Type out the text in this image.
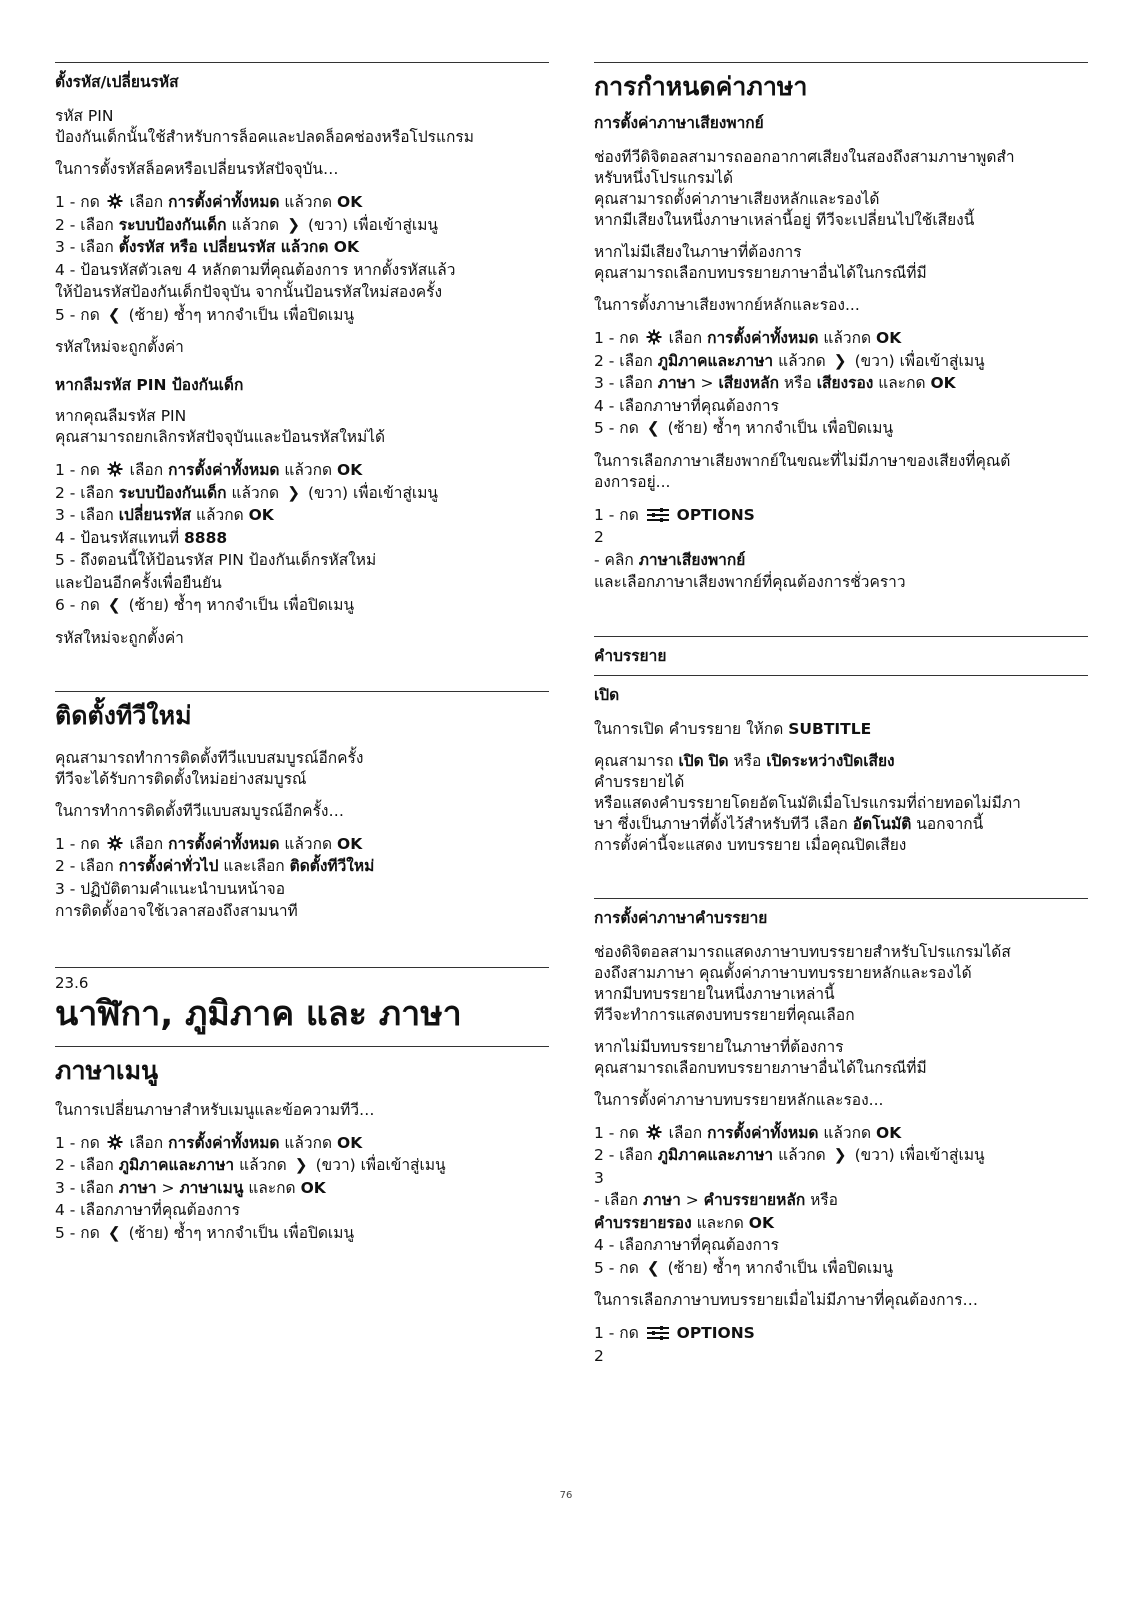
ตั้งรหัส/เปลี่ยนรหัส
รหัส PIN
ป้องกันเด็กนั้นใช้สำหรับการล็อคและปลดล็อคช่องหรือโปรแกรม
ในการตั้งรหัสล็อคหรือเปลี่ยนรหัสปัจจุบัน…
1 - กด เลือก การตั้งค่าทั้งหมด แล้วกด OK
2 - เลือก ระบบป้องกันเด็ก แล้วกด ❯ (ขวา) เพื่อเข้าสู่เมนู
3 - เลือก ตั้งรหัส หรือ เปลี่ยนรหัส แล้วกด OK
4 - ป้อนรหัสตัวเลข 4 หลักตามที่คุณต้องการ หากตั้งรหัสแล้ว
ให้ป้อนรหัสป้องกันเด็กปัจจุบัน จากนั้นป้อนรหัสใหม่สองครั้ง
5 - กด ❮ (ซ้าย) ซ้ำๆ หากจำเป็น เพื่อปิดเมนู
รหัสใหม่จะถูกตั้งค่า
หากลืมรหัส PIN ป้องกันเด็ก
หากคุณลืมรหัส PIN
คุณสามารถยกเลิกรหัสปัจจุบันและป้อนรหัสใหม่ได้
1 - กด เลือก การตั้งค่าทั้งหมด แล้วกด OK
2 - เลือก ระบบป้องกันเด็ก แล้วกด ❯ (ขวา) เพื่อเข้าสู่เมนู
3 - เลือก เปลี่ยนรหัส แล้วกด OK
4 - ป้อนรหัสแทนที่ 8888
5 - ถึงตอนนี้ให้ป้อนรหัส PIN ป้องกันเด็กรหัสใหม่
และป้อนอีกครั้งเพื่อยืนยัน
6 - กด ❮ (ซ้าย) ซ้ำๆ หากจำเป็น เพื่อปิดเมนู
รหัสใหม่จะถูกตั้งค่า
ติดตั้งทีวีใหม่
คุณสามารถทำการติดตั้งทีวีแบบสมบูรณ์อีกครั้ง
ทีวีจะได้รับการติดตั้งใหม่อย่างสมบูรณ์
ในการทำการติดตั้งทีวีแบบสมบูรณ์อีกครั้ง…
1 - กด เลือก การตั้งค่าทั้งหมด แล้วกด OK
2 - เลือก การตั้งค่าทั่วไป และเลือก ติดตั้งทีวีใหม่
3 - ปฏิบัติตามคำแนะนำบนหน้าจอ
การติดตั้งอาจใช้เวลาสองถึงสามนาที
23.6
นาฬิกา, ภูมิภาค และ ภาษา
ภาษาเมนู
ในการเปลี่ยนภาษาสำหรับเมนูและข้อความทีวี…
1 - กด เลือก การตั้งค่าทั้งหมด แล้วกด OK
2 - เลือก ภูมิภาคและภาษา แล้วกด ❯ (ขวา) เพื่อเข้าสู่เมนู
3 - เลือก ภาษา > ภาษาเมนู และกด OK
4 - เลือกภาษาที่คุณต้องการ
5 - กด ❮ (ซ้าย) ซ้ำๆ หากจำเป็น เพื่อปิดเมนู
การกำหนดค่าภาษา
การตั้งค่าภาษาเสียงพากย์
ช่องทีวีดิจิตอลสามารถออกอากาศเสียงในสองถึงสามภาษาพูดสำ
หรับหนึ่งโปรแกรมได้
คุณสามารถตั้งค่าภาษาเสียงหลักและรองได้
หากมีเสียงในหนึ่งภาษาเหล่านี้อยู่ ทีวีจะเปลี่ยนไปใช้เสียงนี้
หากไม่มีเสียงในภาษาที่ต้องการ
คุณสามารถเลือกบทบรรยายภาษาอื่นได้ในกรณีที่มี
ในการตั้งภาษาเสียงพากย์หลักและรอง...
1 - กด เลือก การตั้งค่าทั้งหมด แล้วกด OK
2 - เลือก ภูมิภาคและภาษา แล้วกด ❯ (ขวา) เพื่อเข้าสู่เมนู
3 - เลือก ภาษา > เสียงหลัก หรือ เสียงรอง และกด OK
4 - เลือกภาษาที่คุณต้องการ
5 - กด ❮ (ซ้าย) ซ้ำๆ หากจำเป็น เพื่อปิดเมนู
ในการเลือกภาษาเสียงพากย์ในขณะที่ไม่มีภาษาของเสียงที่คุณต้
องการอยู่...
1 - กด OPTIONS
2
- คลิก ภาษาเสียงพากย์
และเลือกภาษาเสียงพากย์ที่คุณต้องการชั่วคราว
คำบรรยาย
เปิด
ในการเปิด คำบรรยาย ให้กด SUBTITLE
คุณสามารถ เปิด ปิด หรือ เปิดระหว่างปิดเสียง
คำบรรยายได้
หรือแสดงคำบรรยายโดยอัตโนมัติเมื่อโปรแกรมที่ถ่ายทอดไม่มีภา
ษา ซึ่งเป็นภาษาที่ตั้งไว้สำหรับทีวี เลือก อัตโนมัติ นอกจากนี้
การตั้งค่านี้จะแสดง บทบรรยาย เมื่อคุณปิดเสียง
การตั้งค่าภาษาคำบรรยาย
ช่องดิจิตอลสามารถแสดงภาษาบทบรรยายสำหรับโปรแกรมได้ส
องถึงสามภาษา คุณตั้งค่าภาษาบทบรรยายหลักและรองได้
หากมีบทบรรยายในหนึ่งภาษาเหล่านี้
ทีวีจะทำการแสดงบทบรรยายที่คุณเลือก
หากไม่มีบทบรรยายในภาษาที่ต้องการ
คุณสามารถเลือกบทบรรยายภาษาอื่นได้ในกรณีที่มี
ในการตั้งค่าภาษาบทบรรยายหลักและรอง...
1 - กด เลือก การตั้งค่าทั้งหมด แล้วกด OK
2 - เลือก ภูมิภาคและภาษา แล้วกด ❯ (ขวา) เพื่อเข้าสู่เมนู
3
- เลือก ภาษา > คำบรรยายหลัก หรือ
คำบรรยายรอง และกด OK
4 - เลือกภาษาที่คุณต้องการ
5 - กด ❮ (ซ้าย) ซ้ำๆ หากจำเป็น เพื่อปิดเมนู
ในการเลือกภาษาบทบรรยายเมื่อไม่มีภาษาที่คุณต้องการ…
1 - กด OPTIONS
2
76
